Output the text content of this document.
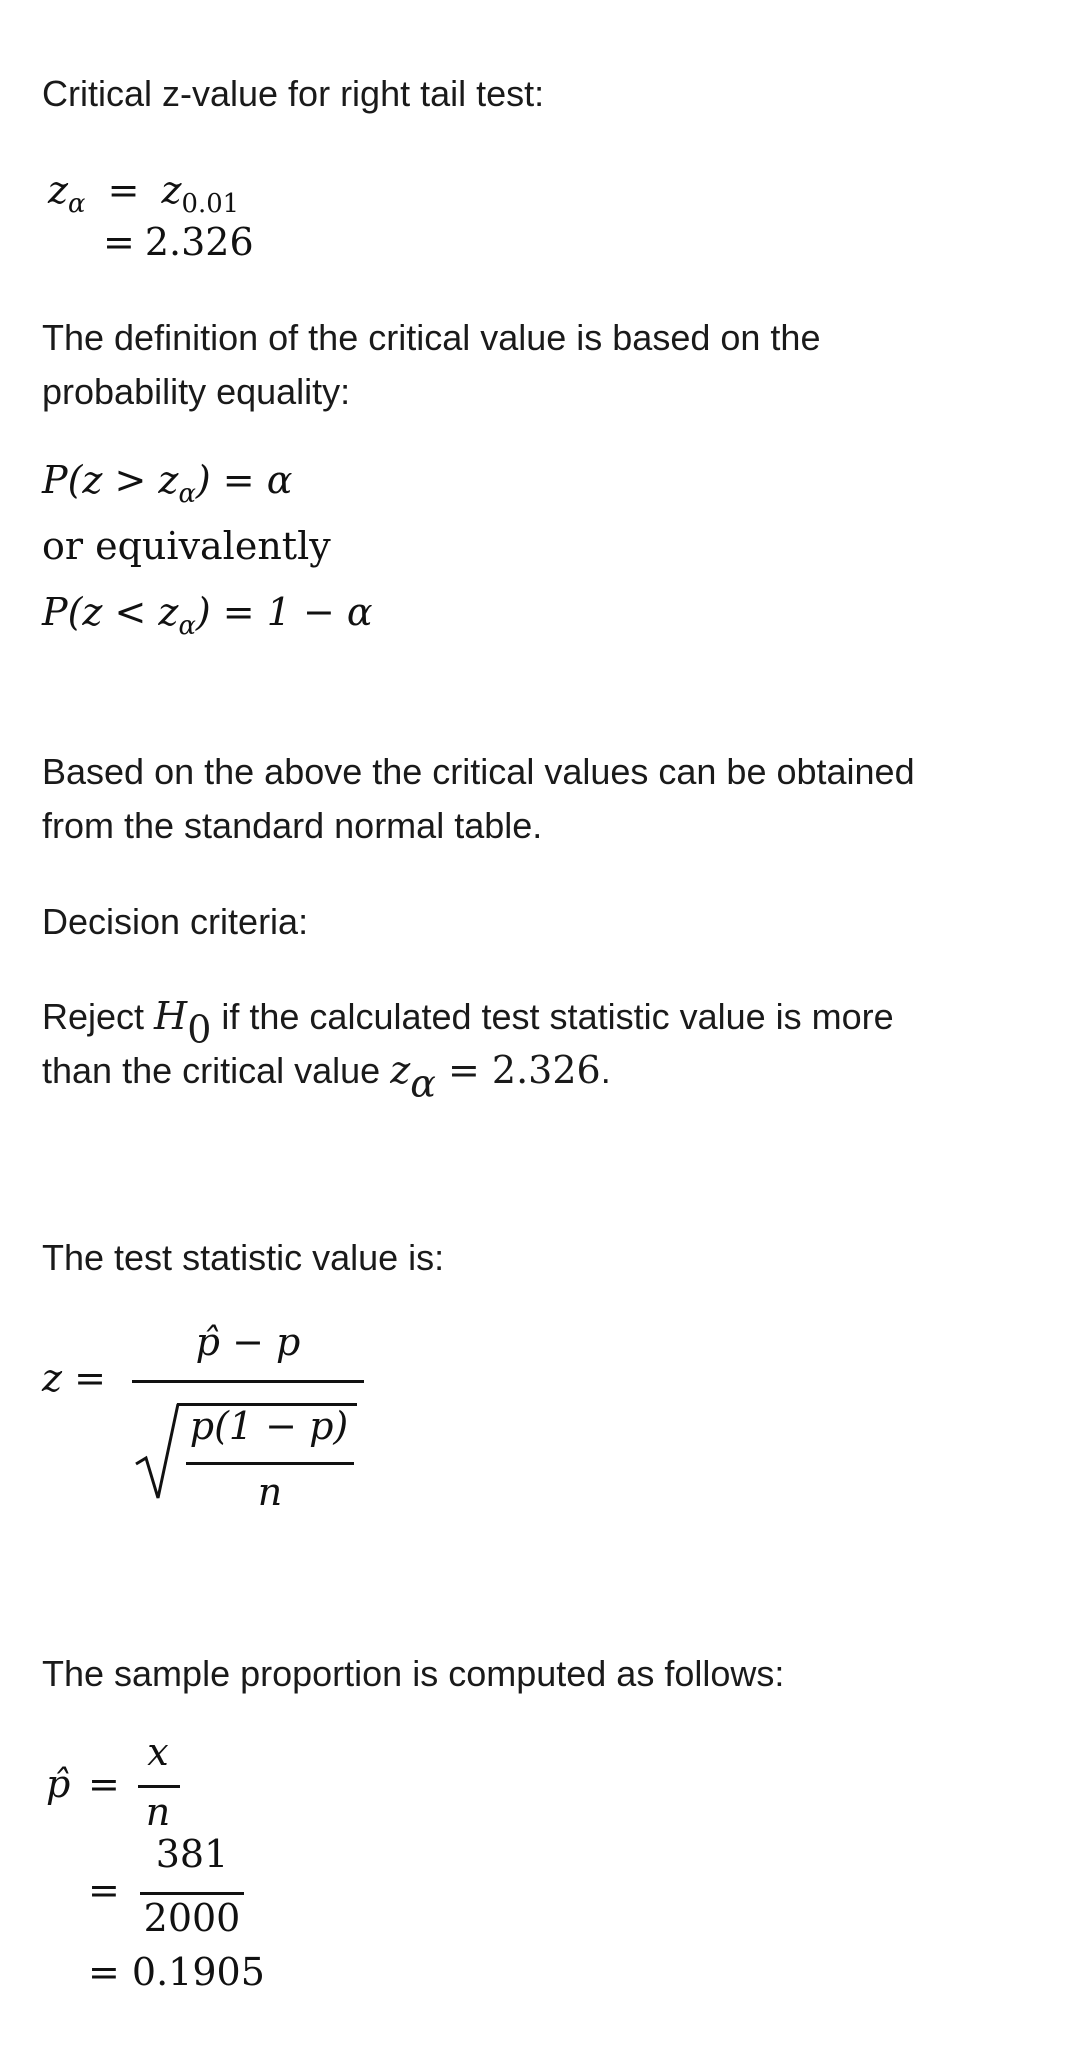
Critical z-value for right tail test:
$z_\alpha = z_{0.01}$
= 2.326
The definition of the critical value is based on the
probability equality:
$P(z > z_\alpha) = \alpha$
or equivalently
$P(z < z_\alpha) = 1 - \alpha$
Based on the above the critical values can be obtained
from the standard normal table.
Decision criteria:
Reject H0 if the calculated test statistic value is more
than the critical value zα = 2.326.
The test statistic value is:
z =
p̂ − p
p(1 − p)
n
The sample proportion is computed as follows:
p̂ =
x
n
=
381
2000
= 0.1905
